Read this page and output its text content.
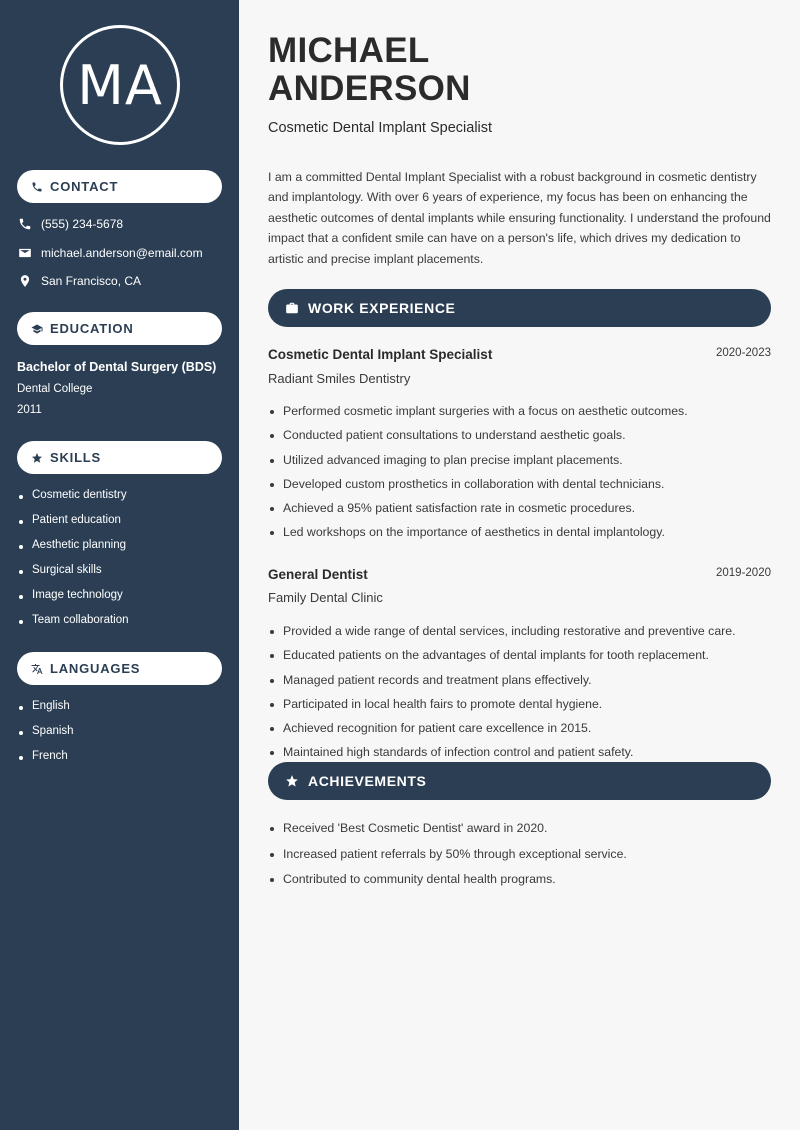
MA
CONTACT
(555) 234-5678
michael.anderson@email.com
San Francisco, CA
EDUCATION
Bachelor of Dental Surgery (BDS)
Dental College
2011
SKILLS
Cosmetic dentistry
Patient education
Aesthetic planning
Surgical skills
Image technology
Team collaboration
LANGUAGES
English
Spanish
French
MICHAEL
ANDERSON
Cosmetic Dental Implant Specialist
I am a committed Dental Implant Specialist with a robust background in cosmetic dentistry and implantology. With over 6 years of experience, my focus has been on enhancing the aesthetic outcomes of dental implants while ensuring functionality. I understand the profound impact that a confident smile can have on a person's life, which drives my dedication to artistic and precise implant placements.
WORK EXPERIENCE
Cosmetic Dental Implant Specialist	2020-2023
Radiant Smiles Dentistry
Performed cosmetic implant surgeries with a focus on aesthetic outcomes.
Conducted patient consultations to understand aesthetic goals.
Utilized advanced imaging to plan precise implant placements.
Developed custom prosthetics in collaboration with dental technicians.
Achieved a 95% patient satisfaction rate in cosmetic procedures.
Led workshops on the importance of aesthetics in dental implantology.
General Dentist	2019-2020
Family Dental Clinic
Provided a wide range of dental services, including restorative and preventive care.
Educated patients on the advantages of dental implants for tooth replacement.
Managed patient records and treatment plans effectively.
Participated in local health fairs to promote dental hygiene.
Achieved recognition for patient care excellence in 2015.
Maintained high standards of infection control and patient safety.
ACHIEVEMENTS
Received 'Best Cosmetic Dentist' award in 2020.
Increased patient referrals by 50% through exceptional service.
Contributed to community dental health programs.
